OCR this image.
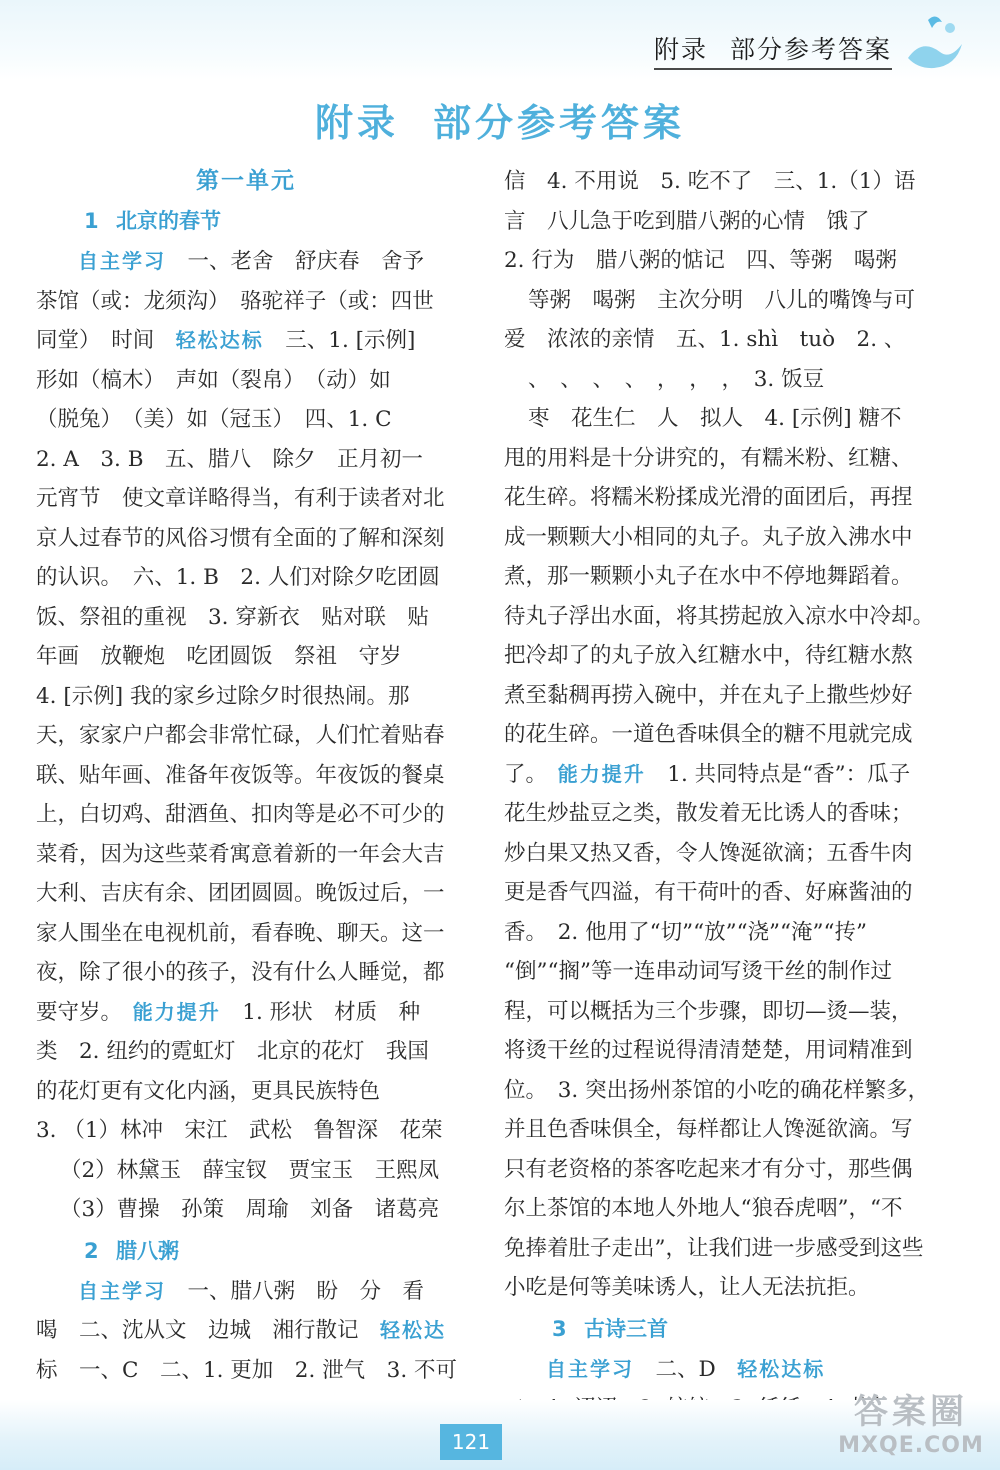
附录 部分参考答案
附录 部分参考答案
第一单元
1 北京的春节
自主学习　 一、老舍　舒庆春　舍予
茶馆（或：龙须沟）　骆驼祥子（或：四世
同堂）　时间　 轻松达标　 三、1. [示例]
形如（槁木）　声如（裂帛）　（动）如
（脱兔）　（美）如（冠玉）　四、1. C
2. A　3. B　五、腊八　除夕　正月初一
元宵节　使文章详略得当，有利于读者对北
京人过春节的风俗习惯有全面的了解和深刻
的认识。　六、1. B　2. 人们对除夕吃团圆
饭、祭祖的重视　3. 穿新衣　贴对联　贴
年画　放鞭炮　吃团圆饭　祭祖　守岁
4. [示例] 我的家乡过除夕时很热闹。那
天，家家户户都会非常忙碌，人们忙着贴春
联、贴年画、准备年夜饭等。年夜饭的餐桌
上，白切鸡、甜酒鱼、扣肉等是必不可少的
菜肴，因为这些菜肴寓意着新的一年会大吉
大利、吉庆有余、团团圆圆。晚饭过后，一
家人围坐在电视机前，看春晚、聊天。这一
夜，除了很小的孩子，没有什么人睡觉，都
要守岁。　 能力提升　 1. 形状　材质　种
类　2. 纽约的霓虹灯　北京的花灯　我国
的花灯更有文化内涵，更具民族特色
3. （1）林冲　宋江　武松　鲁智深　花荣
（2）林黛玉　薛宝钗　贾宝玉　王熙凤
（3）曹操　孙策　周瑜　刘备　诸葛亮
2 腊八粥
自主学习　 一、腊八粥　盼　分　看
喝　二、沈从文　边城　湘行散记　 轻松达
标　一、C　二、1. 更加　2. 泄气　3. 不可
信　4. 不用说　5. 吃不了　三、1.（1）语
言　八儿急于吃到腊八粥的心情　饿了
2. 行为　腊八粥的惦记　四、等粥　喝粥
等粥　喝粥　主次分明　八儿的嘴馋与可
爱　浓浓的亲情　五、1. shì　tuò　2. 、
、　、　、　、　，　，　，　3. 饭豆
枣　花生仁　人　拟人　4. [示例] 糖不
甩的用料是十分讲究的，有糯米粉、红糖、
花生碎。将糯米粉揉成光滑的面团后，再捏
成一颗颗大小相同的丸子。丸子放入沸水中
煮，那一颗颗小丸子在水中不停地舞蹈着。
待丸子浮出水面，将其捞起放入凉水中冷却。
把冷却了的丸子放入红糖水中，待红糖水熬
煮至黏稠再捞入碗中，并在丸子上撒些炒好
的花生碎。一道色香味俱全的糖不甩就完成
了。　 能力提升　 1. 共同特点是“香”：瓜子
花生炒盐豆之类，散发着无比诱人的香味；
炒白果又热又香，令人馋涎欲滴；五香牛肉
更是香气四溢，有干荷叶的香、好麻酱油的
香。　2. 他用了“切”“放”“浇”“淹”“抟”
“倒”“搁”等一连串动词写烫干丝的制作过
程，可以概括为三个步骤，即切—烫—装，
将烫干丝的过程说得清清楚楚，用词精准到
位。　3. 突出扬州茶馆的小吃的确花样繁多，
并且色香味俱全，每样都让人馋涎欲滴。写
只有老资格的茶客吃起来才有分寸，那些偶
尔上茶馆的本地人外地人“狼吞虎咽”，“不
免捧着肚子走出”，让我们进一步感受到这些
小吃是何等美味诱人，让人无法抗拒。
3 古诗三首
自主学习　 二、D　 轻松达标
121
答案圈
MXQE.COM
